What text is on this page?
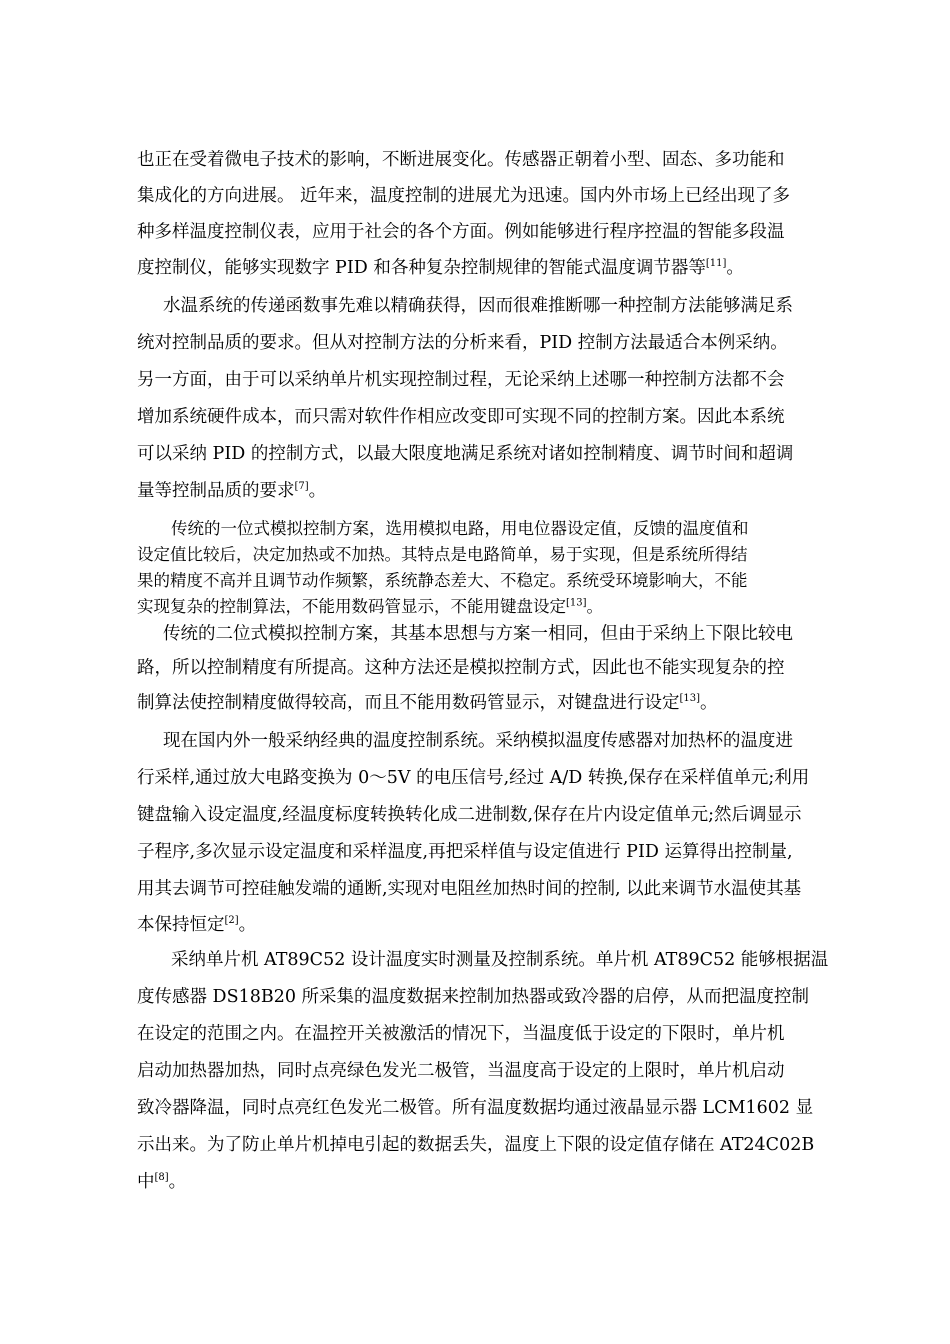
也正在受着微电子技术的影响，不断进展变化。传感器正朝着小型、固态、多功能和
集成化的方向进展。 近年来，温度控制的进展尤为迅速。国内外市场上已经出现了多
种多样温度控制仪表，应用于社会的各个方面。例如能够进行程序控温的智能多段温
度控制仪，能够实现数字 PID 和各种复杂控制规律的智能式温度调节器等[11]。
水温系统的传递函数事先难以精确获得，因而很难推断哪一种控制方法能够满足系
统对控制品质的要求。但从对控制方法的分析来看，PID 控制方法最适合本例采纳。
另一方面，由于可以采纳单片机实现控制过程，无论采纳上述哪一种控制方法都不会
增加系统硬件成本，而只需对软件作相应改变即可实现不同的控制方案。因此本系统
可以采纳 PID 的控制方式，以最大限度地满足系统对诸如控制精度、调节时间和超调
量等控制品质的要求[7]。
传统的一位式模拟控制方案，选用模拟电路，用电位器设定值，反馈的温度值和
设定值比较后，决定加热或不加热。其特点是电路简单，易于实现，但是系统所得结
果的精度不高并且调节动作频繁，系统静态差大、不稳定。系统受环境影响大，不能
实现复杂的控制算法，不能用数码管显示，不能用键盘设定[13]。
传统的二位式模拟控制方案，其基本思想与方案一相同，但由于采纳上下限比较电
路，所以控制精度有所提高。这种方法还是模拟控制方式，因此也不能实现复杂的控
制算法使控制精度做得较高，而且不能用数码管显示，对键盘进行设定[13]。
现在国内外一般采纳经典的温度控制系统。采纳模拟温度传感器对加热杯的温度进
行采样,通过放大电路变换为 0～5V 的电压信号,经过 A/D 转换,保存在采样值单元;利用
键盘输入设定温度,经温度标度转换转化成二进制数,保存在片内设定值单元;然后调显示
子程序,多次显示设定温度和采样温度,再把采样值与设定值进行 PID 运算得出控制量,
用其去调节可控硅触发端的通断,实现对电阻丝加热时间的控制, 以此来调节水温使其基
本保持恒定[2]。
采纳单片机 AT89C52 设计温度实时测量及控制系统。单片机 AT89C52 能够根据温
度传感器 DS18B20 所采集的温度数据来控制加热器或致冷器的启停，从而把温度控制
在设定的范围之内。在温控开关被激活的情况下，当温度低于设定的下限时，单片机
启动加热器加热，同时点亮绿色发光二极管，当温度高于设定的上限时，单片机启动
致冷器降温，同时点亮红色发光二极管。所有温度数据均通过液晶显示器 LCM1602 显
示出来。为了防止单片机掉电引起的数据丢失，温度上下限的设定值存储在 AT24C02B
中[8]。
